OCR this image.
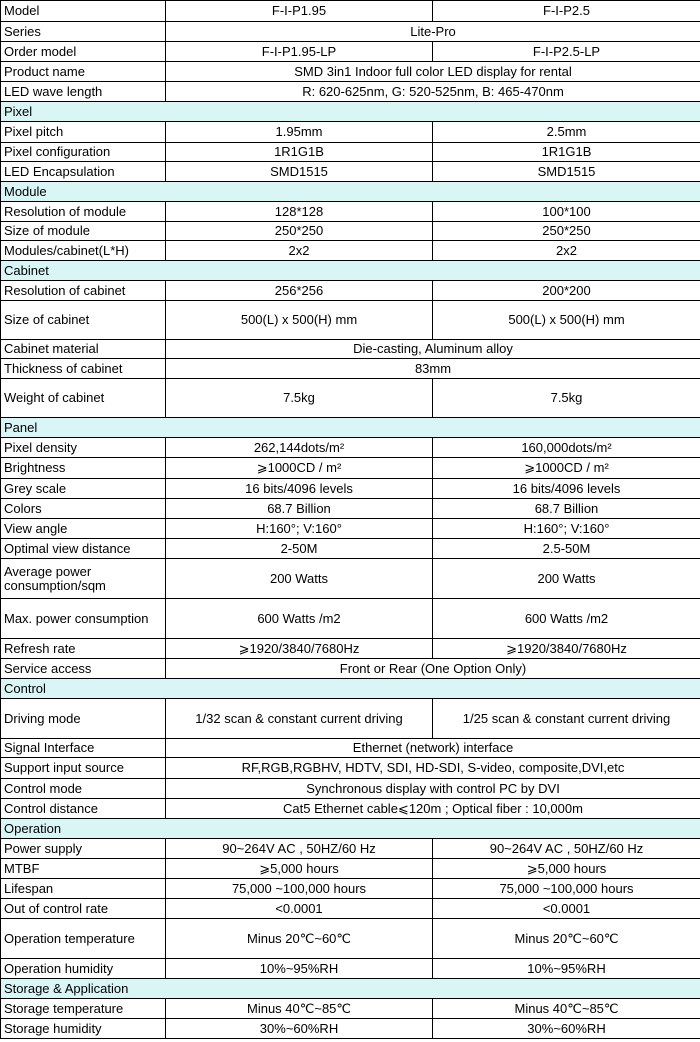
Model	F-I-P1.95	F-I-P2.5
Series	Lite-Pro	
Order model	F-I-P1.95-LP	F-I-P2.5-LP
Product name	SMD 3in1 Indoor full color LED display for rental	
LED wave length	R: 620-625nm, G: 520-525nm, B: 465-470nm	
Pixel		
Pixel pitch	1.95mm	2.5mm
Pixel configuration	1R1G1B	1R1G1B
LED Encapsulation	SMD1515	SMD1515
Module		
Resolution of module	128*128	100*100
Size of module	250*250	250*250
Modules/cabinet(L*H)	2x2	2x2
Cabinet		
Resolution of cabinet	256*256	200*200
Size of cabinet	500(L) x 500(H) mm	500(L) x 500(H) mm
Cabinet material	Die-casting, Aluminum alloy	
Thickness of cabinet	83mm	
Weight of cabinet	7.5kg	7.5kg
Panel		
Pixel density	262,144dots/m²	160,000dots/m²
Brightness	⩾1000CD / m²	⩾1000CD / m²
Grey scale	16 bits/4096 levels	16 bits/4096 levels
Colors	68.7 Billion	68.7 Billion
View angle	H:160°; V:160°	H:160°; V:160°
Optimal view distance	2-50M	2.5-50M
Average power consumption/sqm	200 Watts	200 Watts
Max. power consumption	600 Watts /m2	600 Watts /m2
Refresh rate	⩾1920/3840/7680Hz	⩾1920/3840/7680Hz
Service access	Front or Rear (One Option Only)	
Control		
Driving mode	1/32 scan & constant current driving	1/25 scan & constant current driving
Signal Interface	Ethernet (network) interface	
Support input source	RF,RGB,RGBHV, HDTV, SDI, HD-SDI, S-video, composite,DVI,etc	
Control mode	Synchronous display with control PC by DVI	
Control distance	Cat5 Ethernet cable⩽120m ; Optical fiber : 10,000m	
Operation		
Power supply	90~264V AC , 50HZ/60 Hz	90~264V AC , 50HZ/60 Hz
MTBF	⩾5,000 hours	⩾5,000 hours
Lifespan	75,000 ~100,000 hours	75,000 ~100,000 hours
Out of control rate	<0.0001	<0.0001
Operation temperature	Minus 20℃~60℃	Minus 20℃~60℃
Operation humidity	10%~95%RH	10%~95%RH
Storage & Application		
Storage temperature	Minus 40℃~85℃	Minus 40℃~85℃
Storage humidity	30%~60%RH	30%~60%RH
